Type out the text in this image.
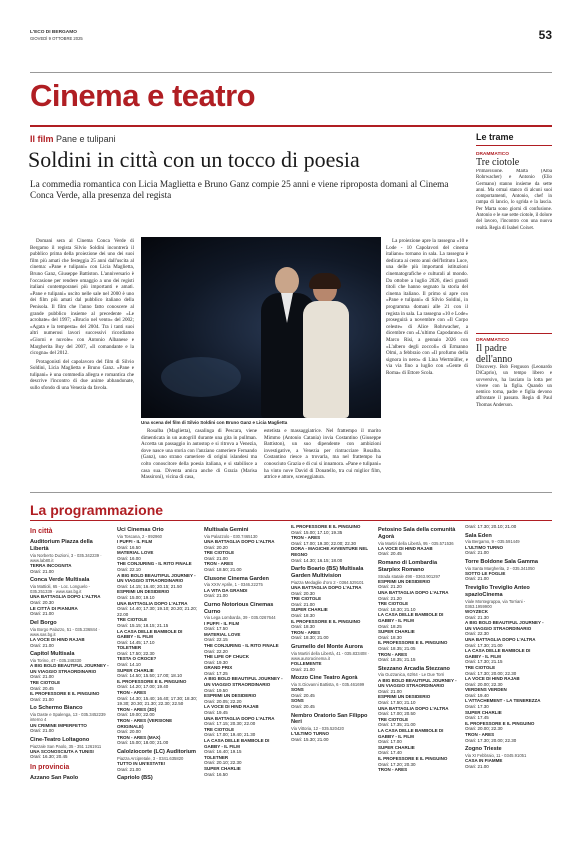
L'ECO DI BERGAMO
GIOVEDÌ 9 OTTOBRE 2025	53
Cinema e teatro
Il film Pane e tulipani
Soldini in città con un tocco di poesia
La commedia romantica con Licia Maglietta e Bruno Ganz compie 25 anni e viene riproposta domani al Cinema Conca Verde, alla presenza del regista

Domani sera al Cinema Conca Verde di Bergamo il regista Silvio Soldini incontrerà il pubblico prima della proiezione dei uno dei suoi film più amati che festeggia 25 anni dall'uscita al cinema: «Pane e tulipani» con Licia Maglietta, Bruno Ganz, Giuseppe Battiston. L'anniversario è l'occasione per rendere omaggio a uno dei registi italiani contemporanei più importanti e amati. «Pane e tulipani» uscito nelle sale nel 2000 è uno dei film più amati dal pubblico italiano della Penisola. Il film che l'anno fatto conoscere al grande pubblico insieme al precedente «Le acrobate» del 1997; «Brucio nel vento» del 2002; «Agata e la tempesta» del 2004. Tra i tanti suoi altri numerosi lavori successivi ricordiamo «Giorni e nuvole» con Antonio Albanese e Margherita Buy del 2007, «Il comandante e la cicogna» del 2012.

Protagonisti del capolavoro del film di Silvio Soldini, Licia Maglietta e Bruno Ganz. «Pane e tulipani» è una commedia allegra e romantica che descrive l'incontro di due anime abbandonate, sullo sfondo di una Venezia da favola.

Una scena del film di Silvio Soldini con Bruno Ganz e Licia Maglietta

Rosalba (Maglietta), casalinga di Pescara, viene dimenticata in un autogrill durante una gita in pullman. Accetta un passaggio in autostop e si ritrova a Venezia, dove nasce una storia con l'anziano cameriere Fernando (Ganz), uno strano cameriere di origini islandesi ma colto conoscitore della poesia italiana, e si stabilisce a casa sua. Diventa amica anche di Grazia (Marisa Massironi), vicina di casa,

estetista e massaggiatrice. Nel frattempo il marito Mimmo (Antonio Catania) invia Costantino (Giuseppe Battiston), un suo dipendente con ambizioni investigative, a Venezia per rintracciare Rosalba. Costantino riesce a trovarla, ma nel frattempo ha conosciuto Grazia e di cui si innamora. «Pane e tulipani» ha vinto nove David di Donatello, tra cui miglior film, attrice e attore, sceneggiatura.

La proiezione apre la rassegna «10 e Lode - 10 Capolavori del cinema italiano» tornano in sala. La rassegna è dedicata ai cento anni dell'Istituto Luce, una delle più importanti istituzioni cinematografiche e culturali al mondo. Da ottobre a luglio 2026, dieci grandi titoli che hanno segnato la storia del cinema italiano. Il primo si apre con «Pane e tulipani» di Silvio Soldini, in programma domani alle 21 con il regista in sala. La rassegna «10 e Lode» proseguirà a novembre con «Il Corpo celeste» di Alice Rohrwacher, a dicembre con «L'ultimo Capodanno» di Marco Risi, a gennaio 2026 con «L'albero degli zoccoli» di Ermanno Olmi, a febbraio con «Il profumo della signora in nero» di Lina Wertmüller, e via via fino a luglio con «Gente di Roma» di Ettore Scola.

Le trame
DRAMMATICO
Tre ciotole
Primavisione. Marta (Alba Rohrwacher) e Antonio (Elio Germano) stanno insieme da sette anni. Ma ormai stanco di alcuni suoi comportamenti, Antonio, chef in rampa di lancio, lo sgrida e la lascia. Per Marta sono giorni di confusione. Antonio e le sue sette ciotole, il dolore del lavoro, l'incontro con una nuova realtà. Regia di Isabel Coixet.
DRAMMATICO
Il padre dell'anno
Discovery. Bob Ferguson (Leonardo DiCaprio), un tempo libero e sovversivo, ha lasciato la lotta per vivere con la figlia. Quando un nemico torna, padre e figlia devono affrontare il passato. Regia di Paul Thomas Anderson.
La programmazione
In città
Auditorium Piazza della Libertà
Via Norberto Duzioni, 3 - 035.342239 · www.lab80.it
TERRA INCOGNITA
Orari: 21.00
Conca Verde Multisala
Via Mattioli, 65 - Loc. Longuelo - 035.251339 · www.sas.bg.it
UNA BATTAGLIA DOPO L'ALTRA
Orari: 20.30
LE CITTÀ DI PIANURA
Orari: 21.00
Del Borgo
Via Borgo Palazzo, 51 - 035.236844 · www.sas.bg.it
LA VOCE DI HIND RAJAB
Orari: 21.00
Capitol Multisala
Via Torino, 47 - 035.248330
A BIG BOLD BEAUTIFUL JOURNEY - UN VIAGGIO STRAORDINARIO
Orari: 21.00
TRE CIOTOLE
Orari: 20.45
IL PROFESSORE E IL PINGUINO
Orari: 21.00
Lo Schermo Bianco
Via Daste e Spalenga, 13 - 035.3452239 interno 4
UN CRIMINE IMPERFETTO
Orari: 21.00
Cine-Teatro Loltagono
Piazzale San Paolo, 35 - 351 1261911
UNA SCONOSCIUTA A TUNISI
Orari: 16.30; 20.45
In provincia
Azzano San Paolo
Uci Cinemas Orio
Via Toscana, 2 - 892960
I PUFFI - IL FILM
Orari: 16.50
MATERIAL LOVE
Orari: 16.00
THE CONJURING - IL RITO FINALE
Orari: 22.10
A BIG BOLD BEAUTIFUL JOURNEY - UN VIAGGIO STRAORDINARIO
Orari: 14.15; 16.40; 20.15; 21.50
ESPRIMI UN DESIDERIO
Orari: 15.00; 19.10
UNA BATTAGLIA DOPO L'ALTRA
Orari: 14.40; 17.30; 19.10; 20.20; 21.20; 22.00
TRE CIOTOLE
Orari: 15.15; 18.15; 21.15
LA CASA DELLE BAMBOLE DI GABBY - IL FILM
Orari: 14.45; 17.10
TOLETNER
Orari: 17.50; 22.30
TESTA O CROCE?
Orari: 14.10
SUPER CHARLIE
Orari: 14.50; 15.50; 17.00; 18.10
IL PROFESSORE E IL PINGUINO
Orari: 14.20; 17.00; 19.40
TRON - ARES
Orari: 14.30; 15.40; 16.40; 17.30; 18.30; 19.30; 20.30; 21.30; 22.30; 22.50
TRON - ARES (3D)
Orari: 19.00; 22.00
TRON - ARES (VERSIONE ORIGINALE)
Orari: 20.00
TRON - ARES (MAX)
Orari: 15.00; 18.00; 21.00
Calolziocorte (LC) Auditorium
Piazza Arcipretale, 3 - 0341.635820
TUTTO IN UN'ESTATE!
Orari: 21.00
Capriolo (BS)
Multisala Gemini
Via Palazzolo - 030.7465130
UNA BATTAGLIA DOPO L'ALTRA
Orari: 20.20
TRE CIOTOLE
Orari: 21.00
TRON - ARES
Orari: 18.50; 21.00
Clusone Cinema Garden
Via XXIV Aprile, 1 - 0346.22275
LA VITA DA GRANDI
Orari: 21.00
Curno Notorious Cinemas Curno
Via Lega Lombarda, 39 - 035.0267644
I PUFFI - IL FILM
Orari: 17.50
MATERIAL LOVE
Orari: 22.15
THE CONJURING - IL RITO FINALE
Orari: 22.20
THE LIFE OF CHUCK
Orari: 19.30
GRAND PRIX
Orari: 17.25
A BIG BOLD BEAUTIFUL JOURNEY - UN VIAGGIO STRAORDINARIO
Orari: 19.50
ESPRIMI UN DESIDERIO
Orari: 20.05; 22.20
LA VOCE DI HIND RAJAB
Orari: 19.45
UNA BATTAGLIA DOPO L'ALTRA
Orari: 17.15; 20.30; 22.00
TRE CIOTOLE
Orari: 17.00; 19.40; 21.30
LA CASA DELLE BAMBOLE DI GABBY - IL FILM
Orari: 16.40; 19.15
TOLETNER
Orari: 20.10; 22.30
SUPER CHARLIE
Orari: 16.50
IL PROFESSORE E IL PINGUINO
Orari: 15.00; 17.10; 19.35
TRON - ARES
Orari: 17.00; 19.30; 22.00; 22.30
DORA - MAGICHE AVVENTURE NEL REGNO
Orari: 14.30; 16.15; 18.00
Darfo Boario (BS) Multisala Garden Multivision
Piazza Medaglie d'oro 2 - 0364.529101
UNA BATTAGLIA DOPO L'ALTRA
Orari: 20.30
TRE CIOTOLE
Orari: 21.00
SUPER CHARLIE
Orari: 18.30
IL PROFESSORE E IL PINGUINO
Orari: 18.30
TRON - ARES
Orari: 18.30; 21.00
Grumello del Monte Aurora
Via Martiri della Libertà, 41 - 035.833408 · www.auroracinema.it
FOLLEMENTE
Orari: 21.00
Mozzo Cine Teatro Agorà
Via S.Giovanni Battista, 6 - 035.461699
SONS
Orari: 20.45
SONS
Orari: 20.45
Nembro Oratorio San Filippo Neri
Via Vittoria, 12 - 035.520420
L'ULTIMO TURNO
Orari: 15.30; 21.00
Petosino Sala della comunità Agorà
Via Martiri della Libertà, 95 - 035.571536
LA VOCE DI HIND RAJAB
Orari: 20.45
Romano di Lombardia Starplex Romano
Strada statale 498 - 0363.901297
ESPRIMI UN DESIDERIO
Orari: 21.20
UNA BATTAGLIA DOPO L'ALTRA
Orari: 21.20
TRE CIOTOLE
Orari: 18.30; 21.10
LA CASA DELLE BAMBOLE DI GABBY - IL FILM
Orari: 18.25
SUPER CHARLIE
Orari: 18.30
IL PROFESSORE E IL PINGUINO
Orari: 18.35; 21.05
TRON - ARES
Orari: 18.35; 21.15
Stezzano Arcadia Stezzano
Via Guzzanica, 62/64 - Le Due Torri
A BIG BOLD BEAUTIFUL JOURNEY - UN VIAGGIO STRAORDINARIO
Orari: 21.00
ESPRIMI UN DESIDERIO
Orari: 17.50; 21.10
UNA BATTAGLIA DOPO L'ALTRA
Orari: 17.00; 20.50
TRE CIOTOLE
Orari: 17.35; 21.00
LA CASA DELLE BAMBOLE DI GABBY - IL FILM
Orari: 17.00
SUPER CHARLIE
Orari: 17.40
IL PROFESSORE E IL PINGUINO
Orari: 17.20; 20.30
TRON - ARES
Orari: 17.30; 20.10; 21.00
Sala Eden
Via Bergamo, 9 - 035.591449
L'ULTIMO TURNO
Orari: 21.00
Torre Boldone Sala Gamma
Via Santa Margherita, 2 - 035.341050
SOTTO LE FOGLIE
Orari: 21.00
Treviglio Treviglio Anteo spazioCinema
Viale Montegrappa, via Torriani - 0363.1959900
WOYZECK
Orari: 21.30
A BIG BOLD BEAUTIFUL JOURNEY - UN VIAGGIO STRAORDINARIO
Orari: 22.30
UNA BATTAGLIA DOPO L'ALTRA
Orari: 17.30; 21.00
LA CASA DELLE BAMBOLE DI GABBY - IL FILM
Orari: 17.30; 21.15
TRE CIOTOLE
Orari: 17.30; 20.00; 22.30
LA VOCE DI HIND RAJAB
Orari: 20.00; 22.30
VERDENS VERDEN
Orari: 19.40
L'ATTACHEMENT - LA TENEREZZA
Orari: 17.30
SUPER CHARLIE
Orari: 17.45
IL PROFESSORE E IL PINGUINO
Orari: 20.00; 22.30
TRON - ARES
Orari: 17.30; 20.00; 22.30
Zogno Trieste
Via XI Febbraio, 11 - 0345.91051
CASA IN FIAMME
Orari: 21.00
